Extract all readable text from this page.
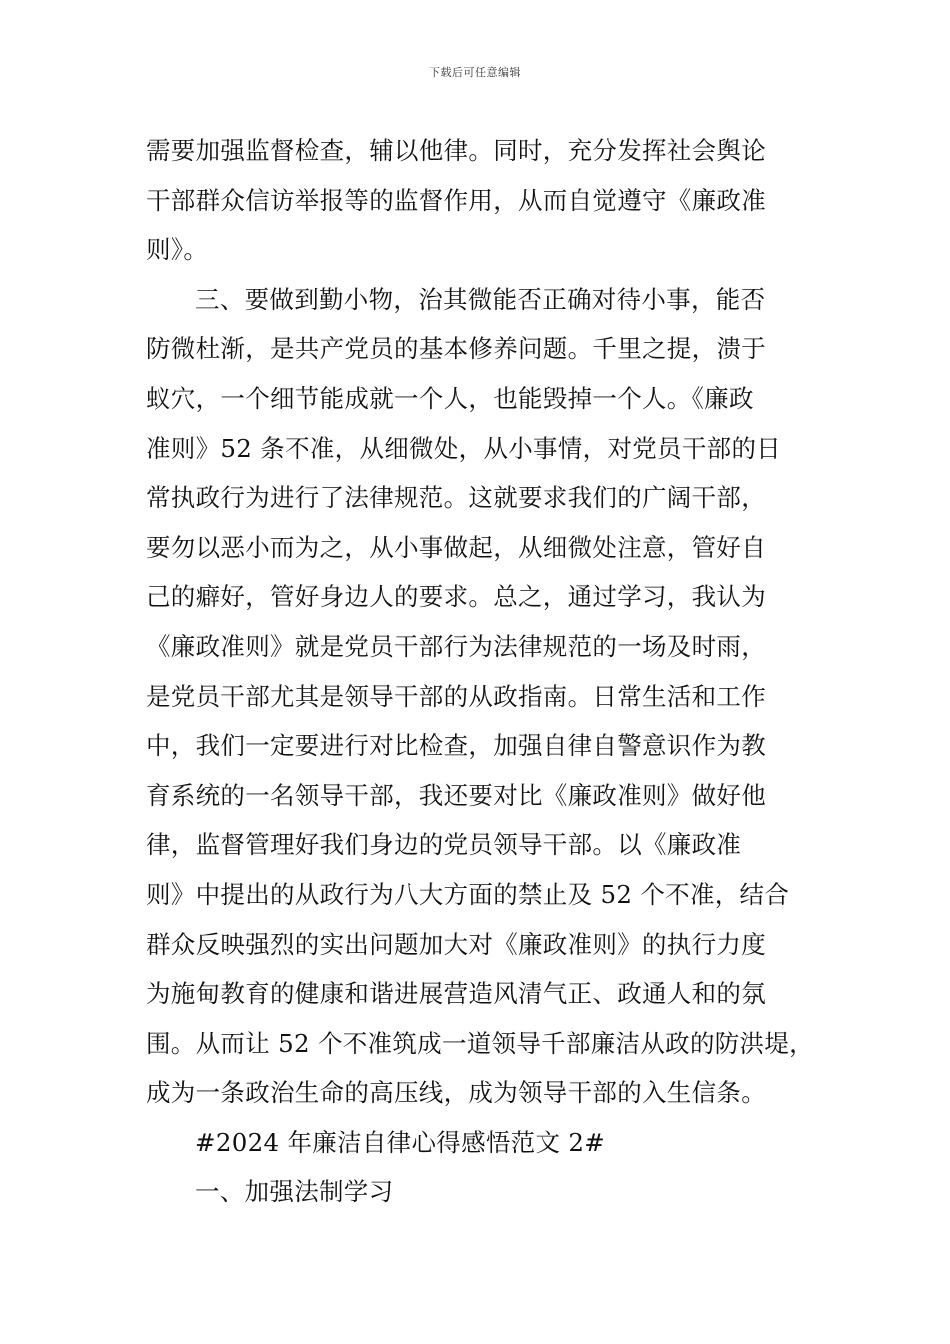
下载后可任意编辑
需要加强监督检查，辅以他律。同时，充分发挥社会舆论
干部群众信访举报等的监督作用，从而自觉遵守《廉政准
则》。
三、要做到勤小物，治其微能否正确对待小事，能否
防微杜渐，是共产党员的基本修养问题。千里之提，溃于
蚁穴，一个细节能成就一个人，也能毁掉一个人。《廉政
准则》52 条不准，从细微处，从小事情，对党员干部的日
常执政行为进行了法律规范。这就要求我们的广阔干部，
要勿以恶小而为之，从小事做起，从细微处注意，管好自
己的癖好，管好身边人的要求。总之，通过学习，我认为
《廉政准则》就是党员干部行为法律规范的一场及时雨，
是党员干部尤其是领导干部的从政指南。日常生活和工作
中，我们一定要进行对比检查，加强自律自警意识作为教
育系统的一名领导干部，我还要对比《廉政准则》做好他
律，监督管理好我们身边的党员领导干部。以《廉政准
则》中提出的从政行为八大方面的禁止及 52 个不准，结合
群众反映强烈的实出问题加大对《廉政准则》的执行力度
为施甸教育的健康和谐进展营造风清气正、政通人和的氛
围。从而让 52 个不准筑成一道领导千部廉洁从政的防洪堤，
成为一条政治生命的高压线，成为领导干部的入生信条。
#2024 年廉洁自律心得感悟范文 2#
一、加强法制学习
